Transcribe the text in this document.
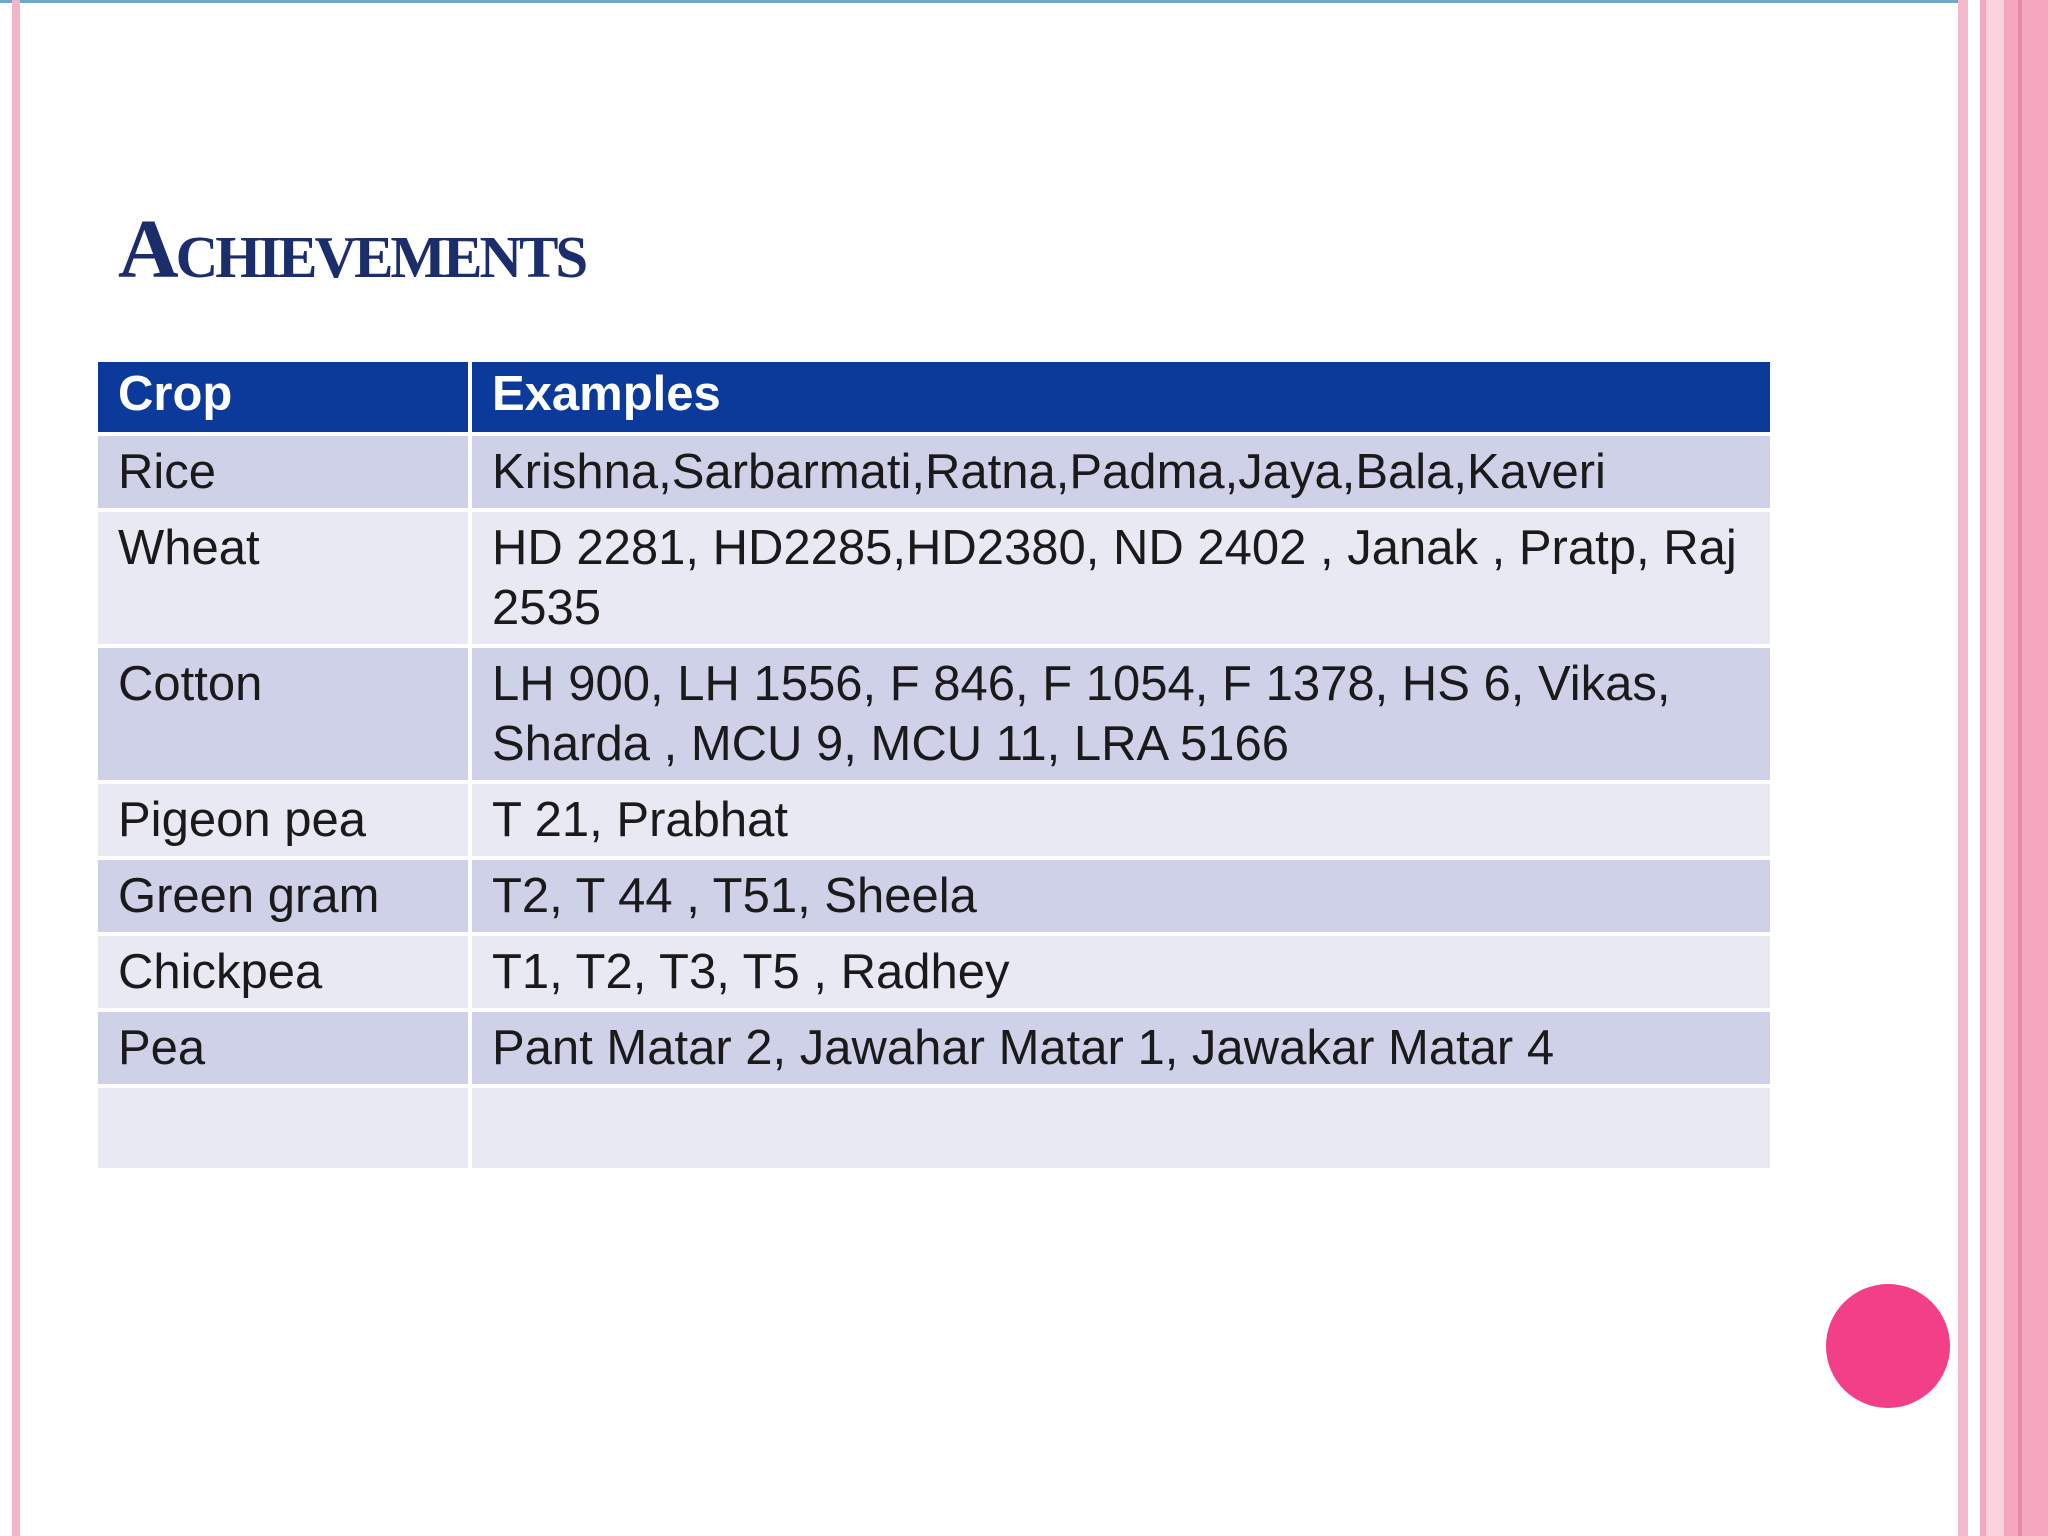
Achievements
Crop	Examples
Rice	Krishna,Sarbarmati,Ratna,Padma,Jaya,Bala,Kaveri
Wheat	HD 2281, HD2285,HD2380, ND 2402 , Janak , Pratp, Raj 2535
Cotton	LH 900, LH 1556, F 846, F 1054, F 1378, HS 6, Vikas, Sharda , MCU 9, MCU 11, LRA 5166
Pigeon pea	T 21, Prabhat
Green gram	T2, T 44 , T51, Sheela
Chickpea	T1, T2, T3, T5 , Radhey
Pea	Pant Matar 2, Jawahar Matar 1, Jawakar Matar 4
